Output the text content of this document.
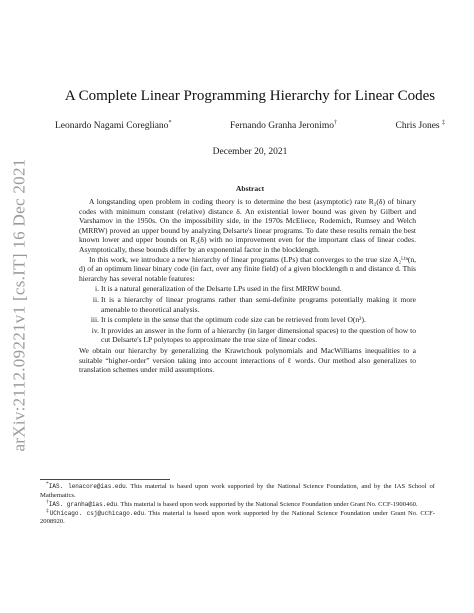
arXiv:2112.09221v1 [cs.IT] 16 Dec 2021
A Complete Linear Programming Hierarchy for Linear Codes
Leonardo Nagami Coregliano*	Fernando Granha Jeronimo†	Chris Jones ‡
December 20, 2021
Abstract

A longstanding open problem in coding theory is to determine the best (asymptotic) rate R₂(δ) of binary codes with minimum constant (relative) distance δ. An existential lower bound was given by Gilbert and Varshamov in the 1950s. On the impossibility side, in the 1970s McEliece, Rodemich, Rumsey and Welch (MRRW) proved an upper bound by analyzing Delsarte's linear programs. To date these results remain the best known lower and upper bounds on R₂(δ) with no improvement even for the important class of linear codes. Asymptotically, these bounds differ by an exponential factor in the blocklength.

In this work, we introduce a new hierarchy of linear programs (LPs) that converges to the true size A₂ᴸⁱⁿ(n, d) of an optimum linear binary code (in fact, over any finite field) of a given blocklength n and distance d. This hierarchy has several notable features:

i. It is a natural generalization of the Delsarte LPs used in the first MRRW bound.
ii. It is a hierarchy of linear programs rather than semi-definite programs potentially making it more amenable to theoretical analysis.
iii. It is complete in the sense that the optimum code size can be retrieved from level O(n²).
iv. It provides an answer in the form of a hierarchy (in larger dimensional spaces) to the question of how to cut Delsarte's LP polytopes to approximate the true size of linear codes.

We obtain our hierarchy by generalizing the Krawtchouk polynomials and MacWilliams inequalities to a suitable “higher-order” version taking into account interactions of ℓ words. Our method also generalizes to translation schemes under mild assumptions.

*IAS. lenacore@ias.edu. This material is based upon work supported by the National Science Foundation, and by the IAS School of Mathematics.

†IAS. granha@ias.edu. This material is based upon work supported by the National Science Foundation under Grant No. CCF-1900460.

‡UChicago. csj@uchicago.edu. This material is based upon work supported by the National Science Foundation under Grant No. CCF-2008920.
